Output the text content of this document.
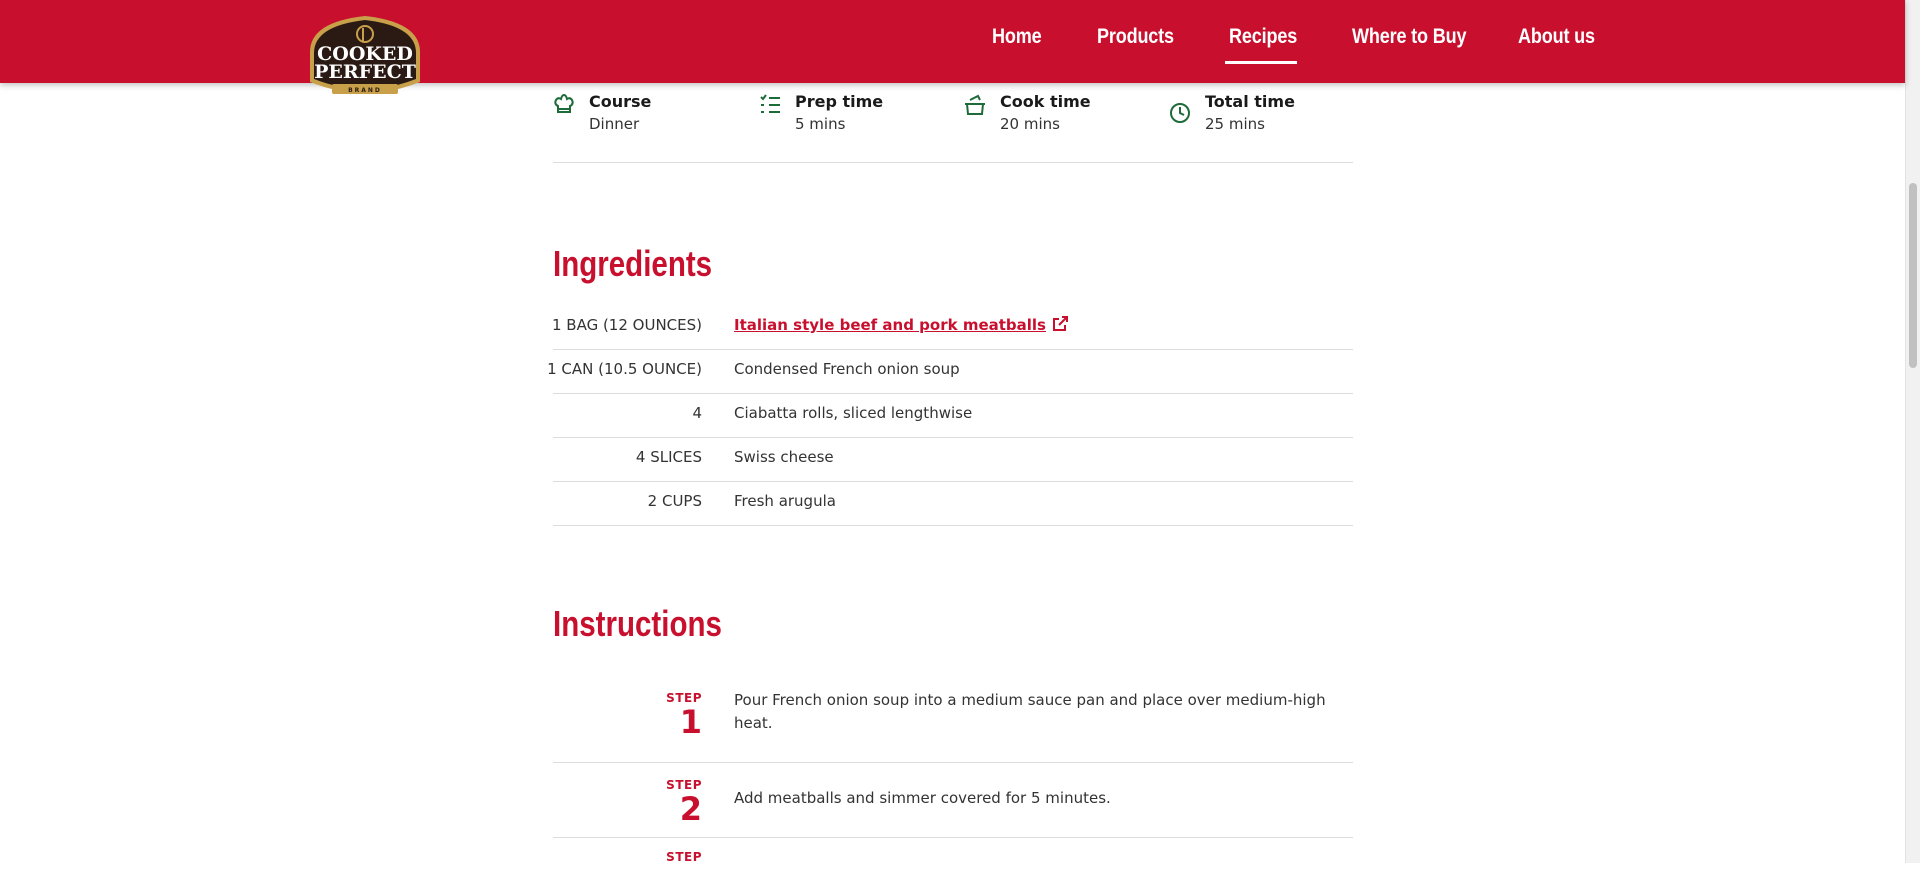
Home	Products	Recipes	Where to Buy About us
COOKED
PERFECT
BRAND
Course
Dinner
Prep time
5 mins
Cook time
20 mins
Total time
25 mins
Ingredients
1 BAG (12 OUNCES) Italian style beef and pork meatballs
1 CAN (10.5 OUNCE) Condensed French onion soup
4 Ciabatta rolls, sliced lengthwise
4 SLICES Swiss cheese
2 CUPS Fresh arugula
Instructions
STEP
1
Pour French onion soup into a medium sauce pan and place over medium-high heat.
STEP
2 Add meatballs and simmer covered for 5 minutes.
STEP
